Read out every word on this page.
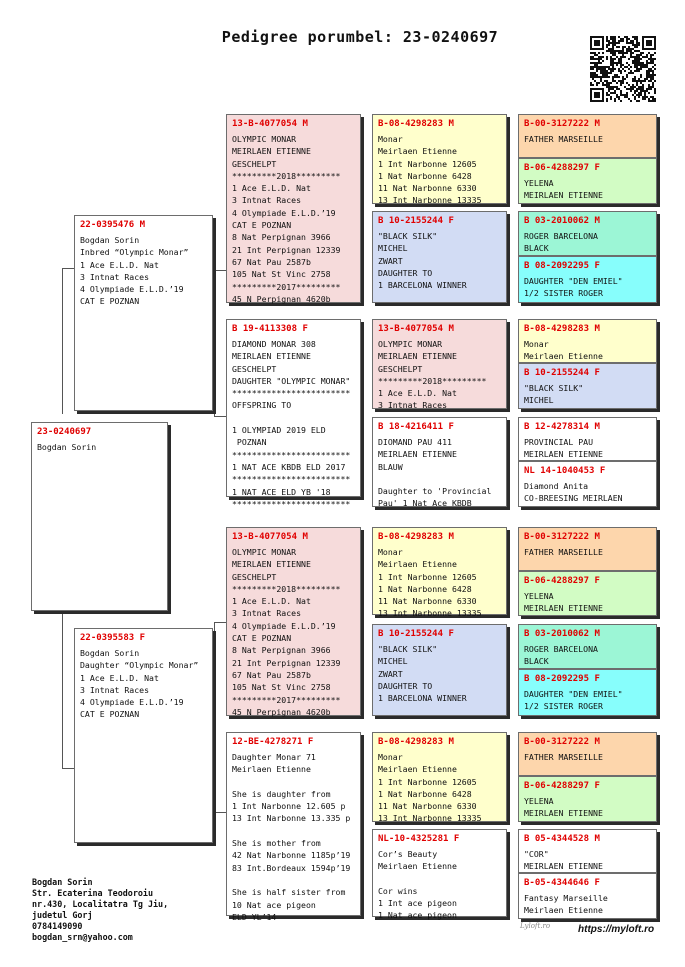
Pedigree porumbel: 23-0240697
23-0240697
Bogdan Sorin
22-0395476 M
Bogdan Sorin
Inbred “Olympic Monar”
1 Ace E.L.D. Nat
3 Intnat Races
4 Olympiade E.L.D.’19
CAT E POZNAN
22-0395583 F
Bogdan Sorin
Daughter “Olympic Monar”
1 Ace E.L.D. Nat
3 Intnat Races
4 Olympiade E.L.D.’19
CAT E POZNAN
13-B-4077054 M
OLYMPIC MONAR
MEIRLAEN ETIENNE
GESCHELPT
*********2018*********
1 Ace E.L.D. Nat
3 Intnat Races
4 Olympiade E.L.D.’19
CAT E POZNAN
8 Nat Perpignan 3966
21 Int Perpignan 12339
67 Nat Pau 2587b
105 Nat St Vinc 2758
*********2017*********
45 N Perpignan 4620b
B 19-4113308 F
DIAMOND MONAR 308
MEIRLAEN ETIENNE
GESCHELPT
DAUGHTER "OLYMPIC MONAR"
************************
OFFSPRING TO
1 OLYMPIAD 2019 ELD
POZNAN
************************
1 NAT ACE KBDB ELD 2017
************************
1 NAT ACE ELD YB '18
************************
13-B-4077054 M
OLYMPIC MONAR
MEIRLAEN ETIENNE
GESCHELPT
*********2018*********
1 Ace E.L.D. Nat
3 Intnat Races
4 Olympiade E.L.D.’19
CAT E POZNAN
8 Nat Perpignan 3966
21 Int Perpignan 12339
67 Nat Pau 2587b
105 Nat St Vinc 2758
*********2017*********
45 N Perpignan 4620b
12-BE-4278271 F
Daughter Monar 71
Meirlaen Etienne
She is daughter from
1 Int Narbonne 12.605 p
13 Int Narbonne 13.335 p
She is mother from
42 Nat Narbonne 1185p’19
83 Int.Bordeaux 1594p’19
She is half sister from
10 Nat ace pigeon
ELD YL’14
B-08-4298283 M
Monar
Meirlaen Etienne
1 Int Narbonne 12605
1 Nat Narbonne 6428
11 Nat Narbonne 6330
13 Int Narbonne 13335
B 10-2155244 F
"BLACK SILK"
MICHEL
ZWART
DAUGHTER TO
1 BARCELONA WINNER
13-B-4077054 M
OLYMPIC MONAR
MEIRLAEN ETIENNE
GESCHELPT
*********2018*********
1 Ace E.L.D. Nat
3 Intnat Races
B 18-4216411 F
DIOMAND PAU 411
MEIRLAEN ETIENNE
BLAUW
Daughter to 'Provincial
Pau' 1 Nat Ace KBDB
B-08-4298283 M
Monar
Meirlaen Etienne
1 Int Narbonne 12605
1 Nat Narbonne 6428
11 Nat Narbonne 6330
13 Int Narbonne 13335
B 10-2155244 F
"BLACK SILK"
MICHEL
ZWART
DAUGHTER TO
1 BARCELONA WINNER
B-08-4298283 M
Monar
Meirlaen Etienne
1 Int Narbonne 12605
1 Nat Narbonne 6428
11 Nat Narbonne 6330
13 Int Narbonne 13335
NL-10-4325281 F
Cor’s Beauty
Meirlaen Etienne
Cor wins
1 Int ace pigeon
1 Nat ace pigeon
B-00-3127222 M
FATHER MARSEILLE
B-06-4288297 F
YELENA
MEIRLAEN ETIENNE
B 03-2010062 M
ROGER BARCELONA
BLACK
B 08-2092295 F
DAUGHTER "DEN EMIEL"
1/2 SISTER ROGER
B-08-4298283 M
Monar
Meirlaen Etienne
B 10-2155244 F
"BLACK SILK"
MICHEL
B 12-4278314 M
PROVINCIAL PAU
MEIRLAEN ETIENNE
NL 14-1040453 F
Diamond Anita
CO-BREESING MEIRLAEN
B-00-3127222 M
FATHER MARSEILLE
B-06-4288297 F
YELENA
MEIRLAEN ETIENNE
B 03-2010062 M
ROGER BARCELONA
BLACK
B 08-2092295 F
DAUGHTER "DEN EMIEL"
1/2 SISTER ROGER
B-00-3127222 M
FATHER MARSEILLE
B-06-4288297 F
YELENA
MEIRLAEN ETIENNE
B 05-4344528 M
"COR"
MEIRLAEN ETIENNE
B-05-4344646 F
Fantasy Marseille
Meirlaen Etienne
Bogdan Sorin
Str. Ecaterina Teodoroiu
nr.430, Localitatra Tg Jiu,
judetul Gorj
0784149090
bogdan_srn@yahoo.com
Lyloft.ro	https://myloft.ro
